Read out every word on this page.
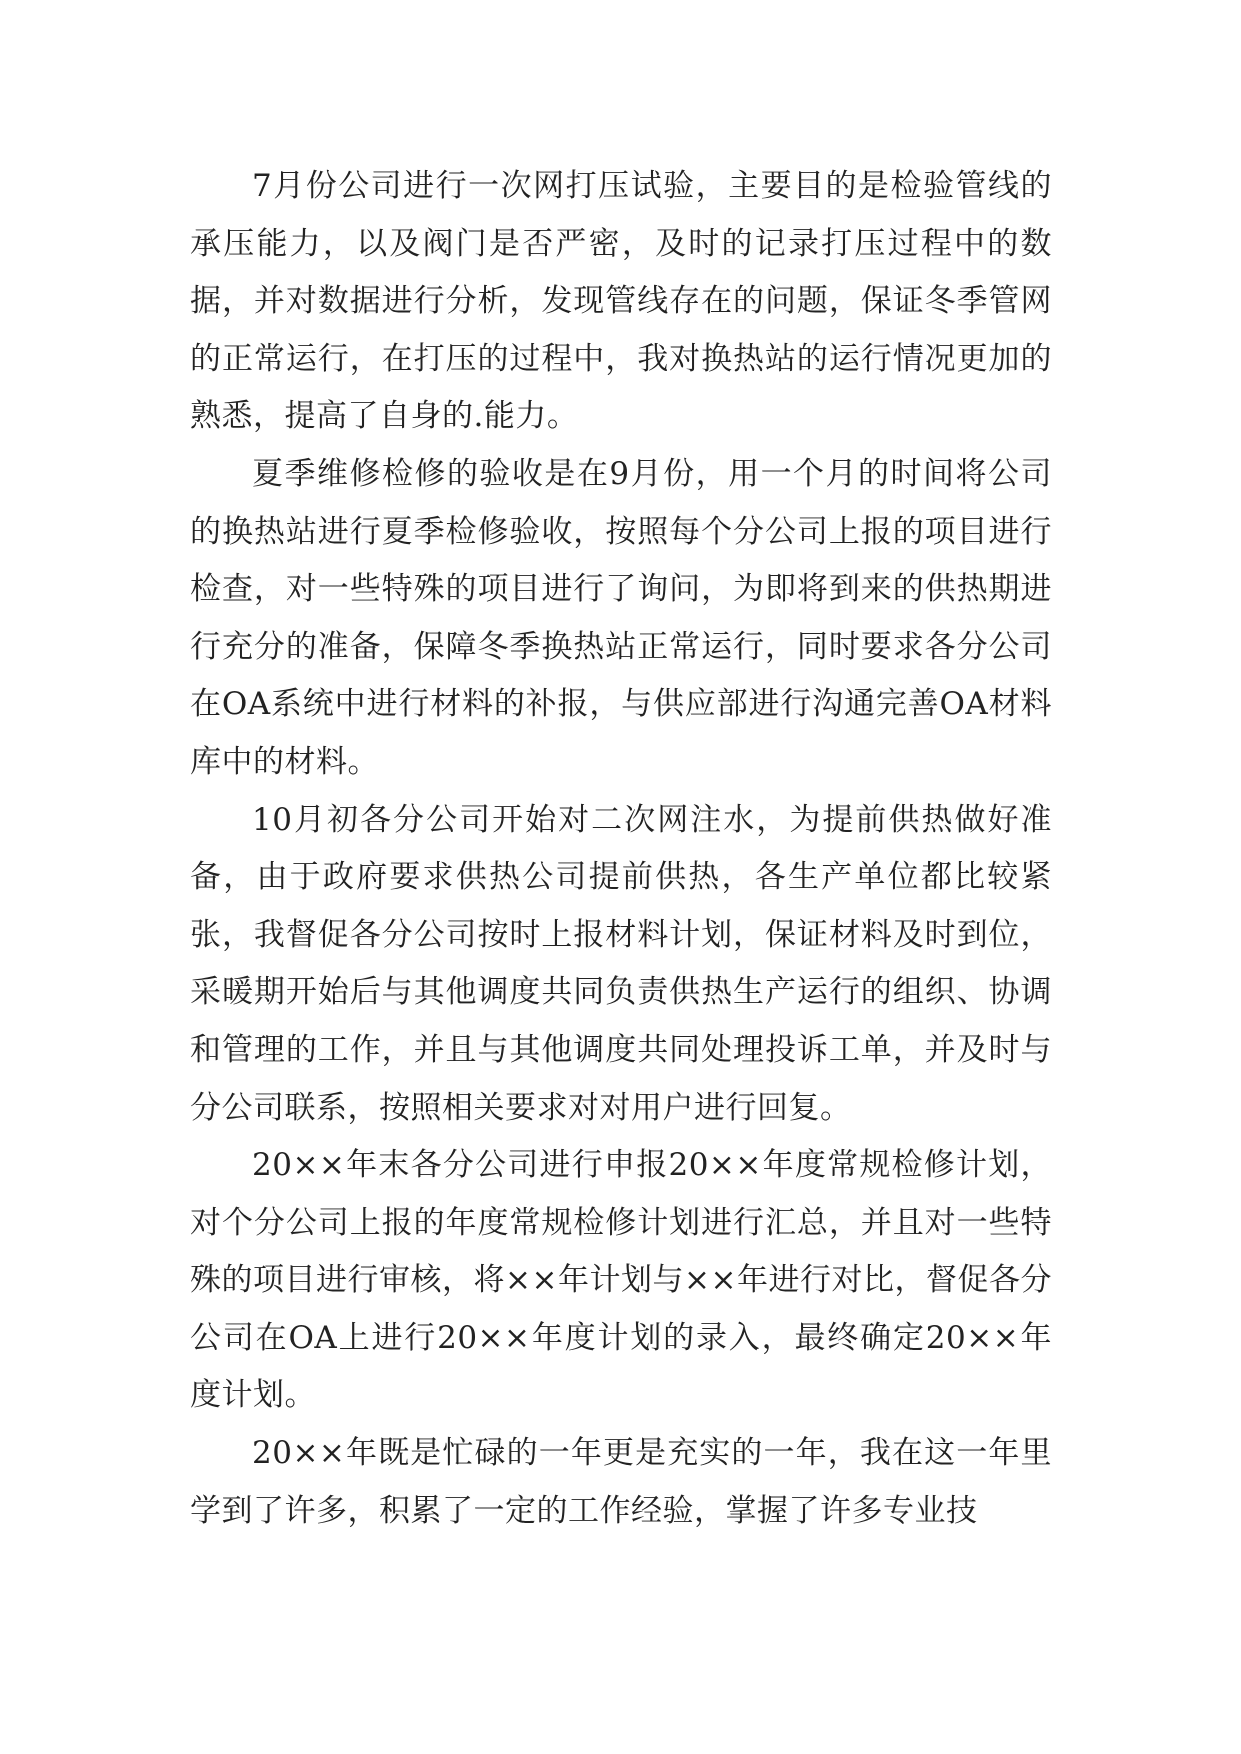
7月份公司进行一次网打压试验，主要目的是检验管线的承压能力，以及阀门是否严密，及时的记录打压过程中的数据，并对数据进行分析，发现管线存在的问题，保证冬季管网的正常运行，在打压的过程中，我对换热站的运行情况更加的熟悉，提高了自身的.能力。

夏季维修检修的验收是在9月份，用一个月的时间将公司的换热站进行夏季检修验收，按照每个分公司上报的项目进行检查，对一些特殊的项目进行了询问，为即将到来的供热期进行充分的准备，保障冬季换热站正常运行，同时要求各分公司在OA系统中进行材料的补报，与供应部进行沟通完善OA材料库中的材料。

10月初各分公司开始对二次网注水，为提前供热做好准备，由于政府要求供热公司提前供热，各生产单位都比较紧张，我督促各分公司按时上报材料计划，保证材料及时到位，采暖期开始后与其他调度共同负责供热生产运行的组织、协调和管理的工作，并且与其他调度共同处理投诉工单，并及时与分公司联系，按照相关要求对对用户进行回复。

20××年末各分公司进行申报20××年度常规检修计划，对个分公司上报的年度常规检修计划进行汇总，并且对一些特殊的项目进行审核，将××年计划与××年进行对比，督促各分公司在OA上进行20××年度计划的录入，最终确定20××年度计划。

20××年既是忙碌的一年更是充实的一年，我在这一年里学到了许多，积累了一定的工作经验，掌握了许多专业技
